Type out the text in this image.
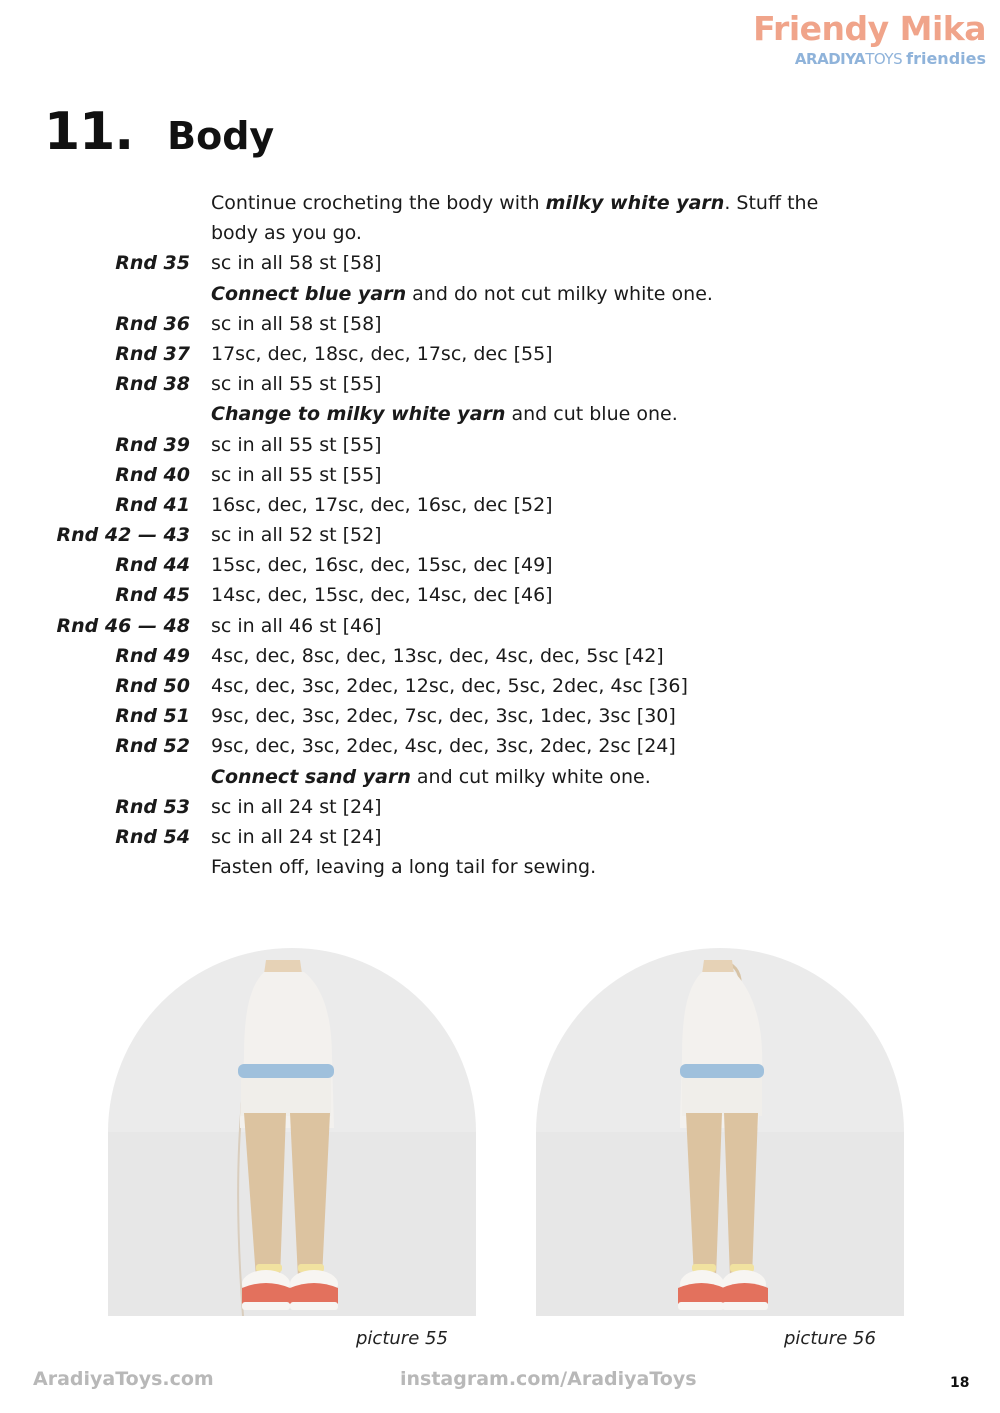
Friendy Mika
ARADIYATOYS friendies
11. Body
Continue crocheting the body with milky white yarn. Stuff the
body as you go.
Rnd 35 sc in all 58 st [58]
Connect blue yarn and do not cut milky white one.
Rnd 36 sc in all 58 st [58]
Rnd 37 17sc, dec, 18sc, dec, 17sc, dec [55]
Rnd 38 sc in all 55 st [55]
Change to milky white yarn and cut blue one.
Rnd 39 sc in all 55 st [55]
Rnd 40 sc in all 55 st [55]
Rnd 41 16sc, dec, 17sc, dec, 16sc, dec [52]
Rnd 42 — 43 sc in all 52 st [52]
Rnd 44 15sc, dec, 16sc, dec, 15sc, dec [49]
Rnd 45 14sc, dec, 15sc, dec, 14sc, dec [46]
Rnd 46 — 48 sc in all 46 st [46]
Rnd 49 4sc, dec, 8sc, dec, 13sc, dec, 4sc, dec, 5sc [42]
Rnd 50 4sc, dec, 3sc, 2dec, 12sc, dec, 5sc, 2dec, 4sc [36]
Rnd 51 9sc, dec, 3sc, 2dec, 7sc, dec, 3sc, 1dec, 3sc [30]
Rnd 52 9sc, dec, 3sc, 2dec, 4sc, dec, 3sc, 2dec, 2sc [24]
Connect sand yarn and cut milky white one.
Rnd 53 sc in all 24 st [24]
Rnd 54 sc in all 24 st [24]
Fasten off, leaving a long tail for sewing.
picture 55	picture 56
AradiyaToys.com	instagram.com/AradiyaToys	18
